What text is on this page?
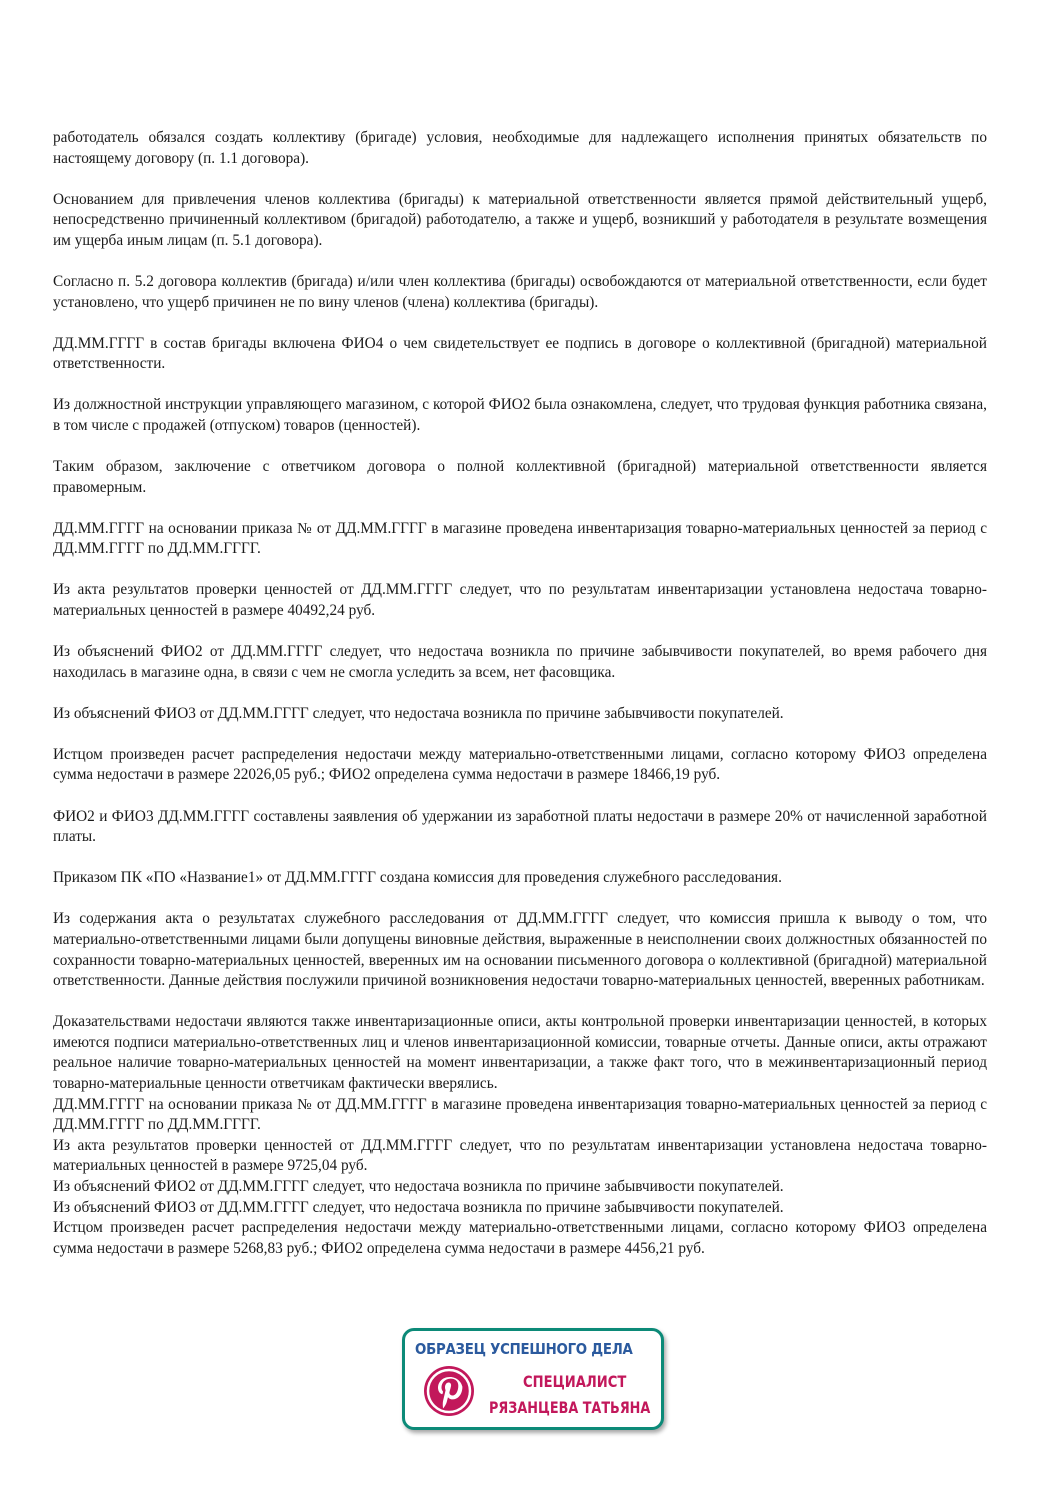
работодатель обязался создать коллективу (бригаде) условия, необходимые для надлежащего исполнения принятых обязательств по настоящему договору (п. 1.1 договора).

Основанием для привлечения членов коллектива (бригады) к материальной ответственности является прямой действительный ущерб, непосредственно причиненный коллективом (бригадой) работодателю, а также и ущерб, возникший у работодателя в результате возмещения им ущерба иным лицам (п. 5.1 договора).

Согласно п. 5.2 договора коллектив (бригада) и/или член коллектива (бригады) освобождаются от материальной ответственности, если будет установлено, что ущерб причинен не по вину членов (члена) коллектива (бригады).

ДД.ММ.ГГГГ в состав бригады включена ФИО4 о чем свидетельствует ее подпись в договоре о коллективной (бригадной) материальной ответственности.

Из должностной инструкции управляющего магазином, с которой ФИО2 была ознакомлена, следует, что трудовая функция работника связана, в том числе с продажей (отпуском) товаров (ценностей).

Таким образом, заключение с ответчиком договора о полной коллективной (бригадной) материальной ответственности является правомерным.

ДД.ММ.ГГГГ на основании приказа № от ДД.ММ.ГГГГ в магазине проведена инвентаризация товарно-материальных ценностей за период с ДД.ММ.ГГГГ по ДД.ММ.ГГГГ.

Из акта результатов проверки ценностей от ДД.ММ.ГГГГ следует, что по результатам инвентаризации установлена недостача товарно-материальных ценностей в размере 40492,24 руб.

Из объяснений ФИО2 от ДД.ММ.ГГГГ следует, что недостача возникла по причине забывчивости покупателей, во время рабочего дня находилась в магазине одна, в связи с чем не смогла уследить за всем, нет фасовщика.

Из объяснений ФИО3 от ДД.ММ.ГГГГ следует, что недостача возникла по причине забывчивости покупателей.

Истцом произведен расчет распределения недостачи между материально-ответственными лицами, согласно которому ФИО3 определена сумма недостачи в размере 22026,05 руб.; ФИО2 определена сумма недостачи в размере 18466,19 руб.

ФИО2 и ФИО3 ДД.ММ.ГГГГ составлены заявления об удержании из заработной платы недостачи в размере 20% от начисленной заработной платы.

Приказом ПК «ПО «Название1» от ДД.ММ.ГГГГ создана комиссия для проведения служебного расследования.

Из содержания акта о результатах служебного расследования от ДД.ММ.ГГГГ следует, что комиссия пришла к выводу о том, что материально-ответственными лицами были допущены виновные действия, выраженные в неисполнении своих должностных обязанностей по сохранности товарно-материальных ценностей, вверенных им на основании письменного договора о коллективной (бригадной) материальной ответственности. Данные действия послужили причиной возникновения недостачи товарно-материальных ценностей, вверенных работникам.

Доказательствами недостачи являются также инвентаризационные описи, акты контрольной проверки инвентаризации ценностей, в которых имеются подписи материально-ответственных лиц и членов инвентаризационной комиссии, товарные отчеты. Данные описи, акты отражают реальное наличие товарно-материальных ценностей на момент инвентаризации, а также факт того, что в межинвентаризационный период товарно-материальные ценности ответчикам фактически вверялись.

ДД.ММ.ГГГГ на основании приказа № от ДД.ММ.ГГГГ в магазине проведена инвентаризация товарно-материальных ценностей за период с ДД.ММ.ГГГГ по ДД.ММ.ГГГГ.

Из акта результатов проверки ценностей от ДД.ММ.ГГГГ следует, что по результатам инвентаризации установлена недостача товарно-материальных ценностей в размере 9725,04 руб.

Из объяснений ФИО2 от ДД.ММ.ГГГГ следует, что недостача возникла по причине забывчивости покупателей.

Из объяснений ФИО3 от ДД.ММ.ГГГГ следует, что недостача возникла по причине забывчивости покупателей.

Истцом произведен расчет распределения недостачи между материально-ответственными лицами, согласно которому ФИО3 определена сумма недостачи в размере 5268,83 руб.; ФИО2 определена сумма недостачи в размере 4456,21 руб.

ОБРАЗЕЦ УСПЕШНОГО ДЕЛА
СПЕЦИАЛИСТ
РЯЗАНЦЕВА ТАТЬЯНА
